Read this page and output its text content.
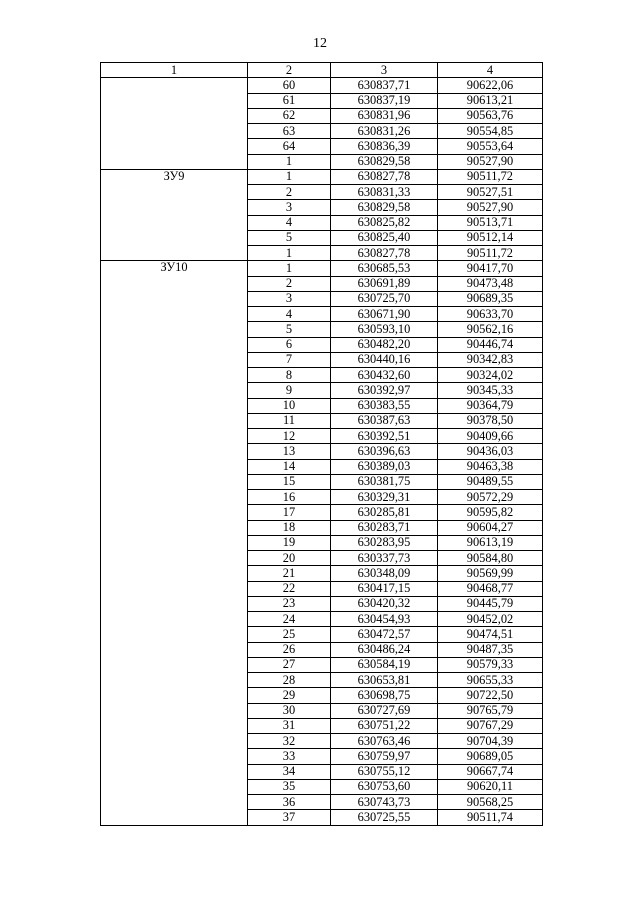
12
1	2	3	4
	60	630837,71	90622,06
	61	630837,19	90613,21
	62	630831,96	90563,76
	63	630831,26	90554,85
	64	630836,39	90553,64
	1	630829,58	90527,90
ЗУ9	1	630827,78	90511,72
	2	630831,33	90527,51
	3	630829,58	90527,90
	4	630825,82	90513,71
	5	630825,40	90512,14
	1	630827,78	90511,72
ЗУ10	1	630685,53	90417,70
	2	630691,89	90473,48
	3	630725,70	90689,35
	4	630671,90	90633,70
	5	630593,10	90562,16
	6	630482,20	90446,74
	7	630440,16	90342,83
	8	630432,60	90324,02
	9	630392,97	90345,33
	10	630383,55	90364,79
	11	630387,63	90378,50
	12	630392,51	90409,66
	13	630396,63	90436,03
	14	630389,03	90463,38
	15	630381,75	90489,55
	16	630329,31	90572,29
	17	630285,81	90595,82
	18	630283,71	90604,27
	19	630283,95	90613,19
	20	630337,73	90584,80
	21	630348,09	90569,99
	22	630417,15	90468,77
	23	630420,32	90445,79
	24	630454,93	90452,02
	25	630472,57	90474,51
	26	630486,24	90487,35
	27	630584,19	90579,33
	28	630653,81	90655,33
	29	630698,75	90722,50
	30	630727,69	90765,79
	31	630751,22	90767,29
	32	630763,46	90704,39
	33	630759,97	90689,05
	34	630755,12	90667,74
	35	630753,60	90620,11
	36	630743,73	90568,25
	37	630725,55	90511,74
